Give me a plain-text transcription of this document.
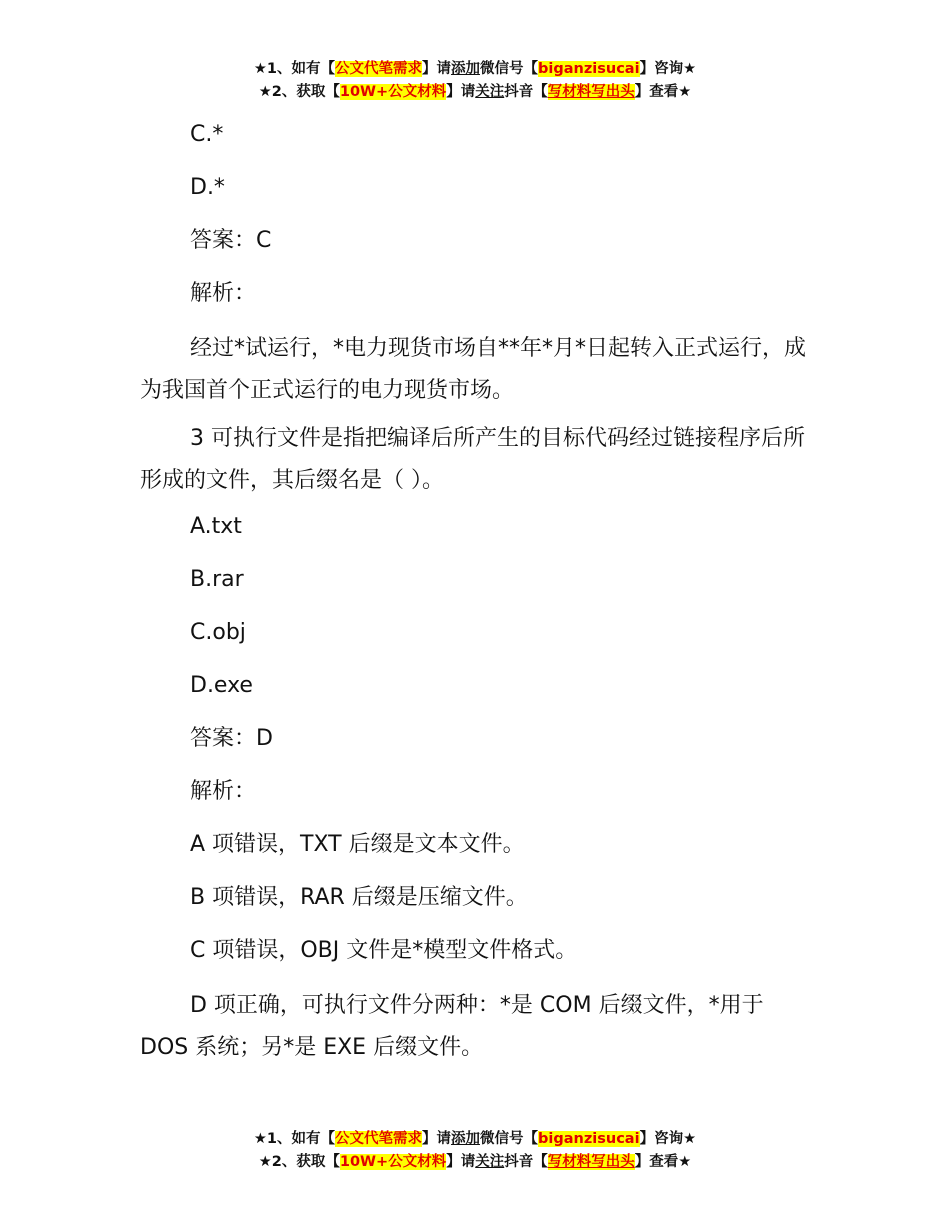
★1、如有【公文代笔需求】请添加微信号【biganzisucai】咨询★
★2、获取【10W+公文材料】请关注抖音【写材料写出头】查看★

C.*

D.*

答案：C

解析：

经过*试运行，*电力现货市场自**年*月*日起转入正式运行，成为我国首个正式运行的电力现货市场。

3 可执行文件是指把编译后所产生的目标代码经过链接程序后所形成的文件，其后缀名是（ ）。

A.txt

B.rar

C.obj

D.exe

答案：D

解析：

A 项错误，TXT 后缀是文本文件。

B 项错误，RAR 后缀是压缩文件。

C 项错误，OBJ 文件是*模型文件格式。

D 项正确，可执行文件分两种：*是 COM 后缀文件，*用于 DOS 系统；另*是 EXE 后缀文件。

★1、如有【公文代笔需求】请添加微信号【biganzisucai】咨询★
★2、获取【10W+公文材料】请关注抖音【写材料写出头】查看★
